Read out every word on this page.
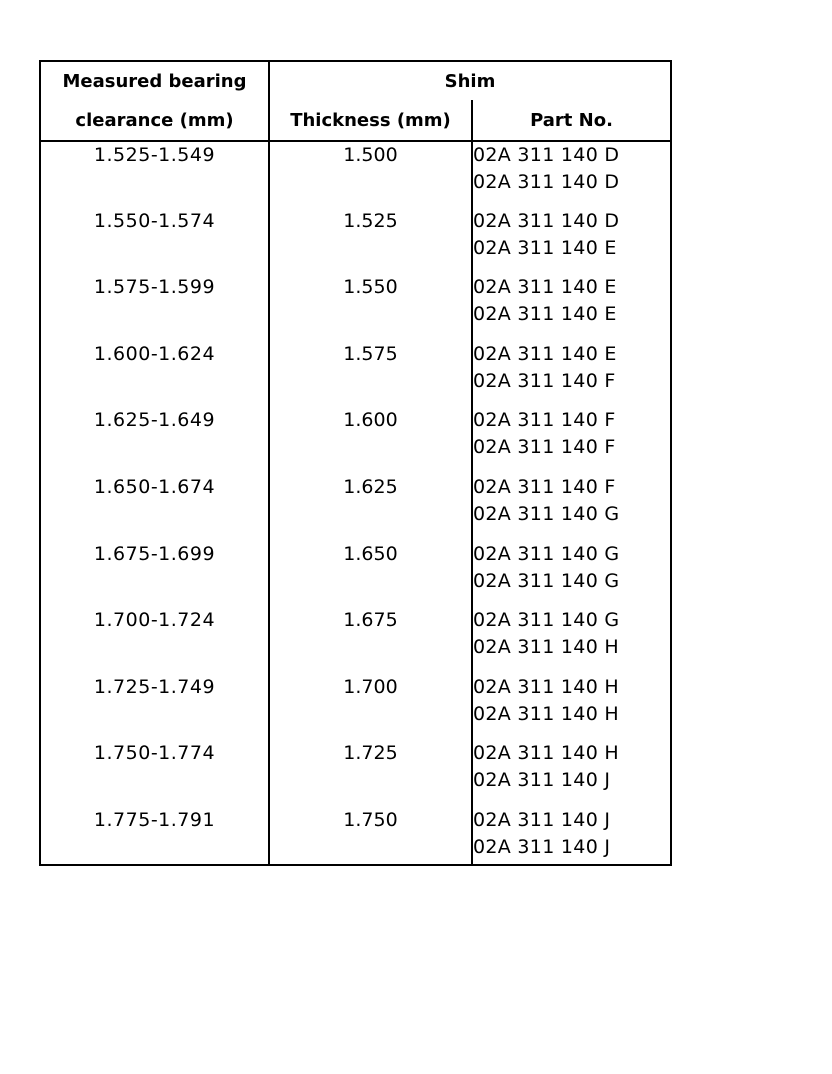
Measured bearing	Shim	
clearance (mm)	Thickness (mm)	Part No.
1.525-1.549	1.500	02A 311 140 D
02A 311 140 D

1.550-1.574	1.525	02A 311 140 D
02A 311 140 E

1.575-1.599	1.550	02A 311 140 E
02A 311 140 E

1.600-1.624	1.575	02A 311 140 E
02A 311 140 F

1.625-1.649	1.600	02A 311 140 F
02A 311 140 F

1.650-1.674	1.625	02A 311 140 F
02A 311 140 G

1.675-1.699	1.650	02A 311 140 G
02A 311 140 G

1.700-1.724	1.675	02A 311 140 G
02A 311 140 H

1.725-1.749	1.700	02A 311 140 H
02A 311 140 H

1.750-1.774	1.725	02A 311 140 H
02A 311 140 J

1.775-1.791	1.750	02A 311 140 J
02A 311 140 J
